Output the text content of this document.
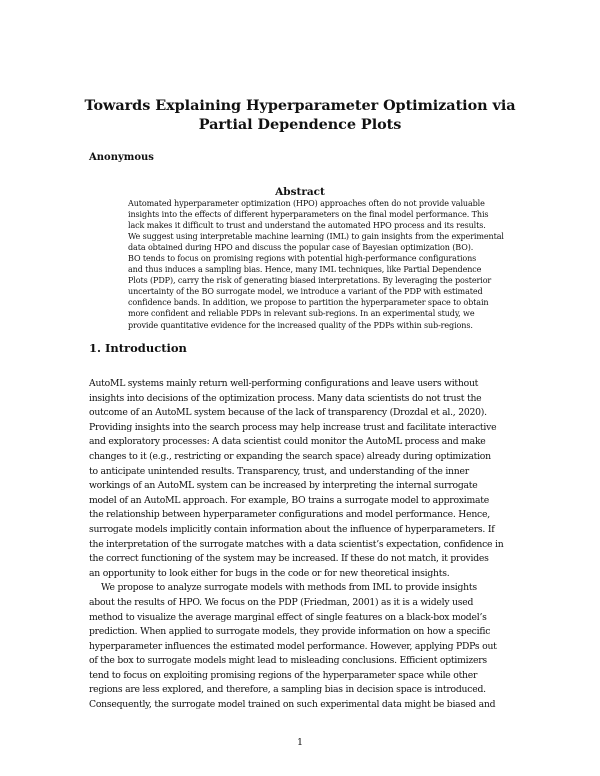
Towards Explaining Hyperparameter Optimization via
Partial Dependence Plots
Anonymous
Abstract
Automated hyperparameter optimization (HPO) approaches often do not provide valuable
insights into the effects of different hyperparameters on the final model performance. This
lack makes it difficult to trust and understand the automated HPO process and its results.
We suggest using interpretable machine learning (IML) to gain insights from the experimental
data obtained during HPO and discuss the popular case of Bayesian optimization (BO).
BO tends to focus on promising regions with potential high-performance configurations
and thus induces a sampling bias. Hence, many IML techniques, like Partial Dependence
Plots (PDP), carry the risk of generating biased interpretations. By leveraging the posterior
uncertainty of the BO surrogate model, we introduce a variant of the PDP with estimated
confidence bands. In addition, we propose to partition the hyperparameter space to obtain
more confident and reliable PDPs in relevant sub-regions. In an experimental study, we
provide quantitative evidence for the increased quality of the PDPs within sub-regions.
1. Introduction
AutoML systems mainly return well-performing configurations and leave users without
insights into decisions of the optimization process. Many data scientists do not trust the
outcome of an AutoML system because of the lack of transparency (Drozdal et al., 2020).
Providing insights into the search process may help increase trust and facilitate interactive
and exploratory processes: A data scientist could monitor the AutoML process and make
changes to it (e.g., restricting or expanding the search space) already during optimization
to anticipate unintended results. Transparency, trust, and understanding of the inner
workings of an AutoML system can be increased by interpreting the internal surrogate
model of an AutoML approach. For example, BO trains a surrogate model to approximate
the relationship between hyperparameter configurations and model performance. Hence,
surrogate models implicitly contain information about the influence of hyperparameters. If
the interpretation of the surrogate matches with a data scientist’s expectation, confidence in
the correct functioning of the system may be increased. If these do not match, it provides
an opportunity to look either for bugs in the code or for new theoretical insights.
We propose to analyze surrogate models with methods from IML to provide insights
about the results of HPO. We focus on the PDP (Friedman, 2001) as it is a widely used
method to visualize the average marginal effect of single features on a black-box model’s
prediction. When applied to surrogate models, they provide information on how a specific
hyperparameter influences the estimated model performance. However, applying PDPs out
of the box to surrogate models might lead to misleading conclusions. Efficient optimizers
tend to focus on exploiting promising regions of the hyperparameter space while other
regions are less explored, and therefore, a sampling bias in decision space is introduced.
Consequently, the surrogate model trained on such experimental data might be biased and
1
